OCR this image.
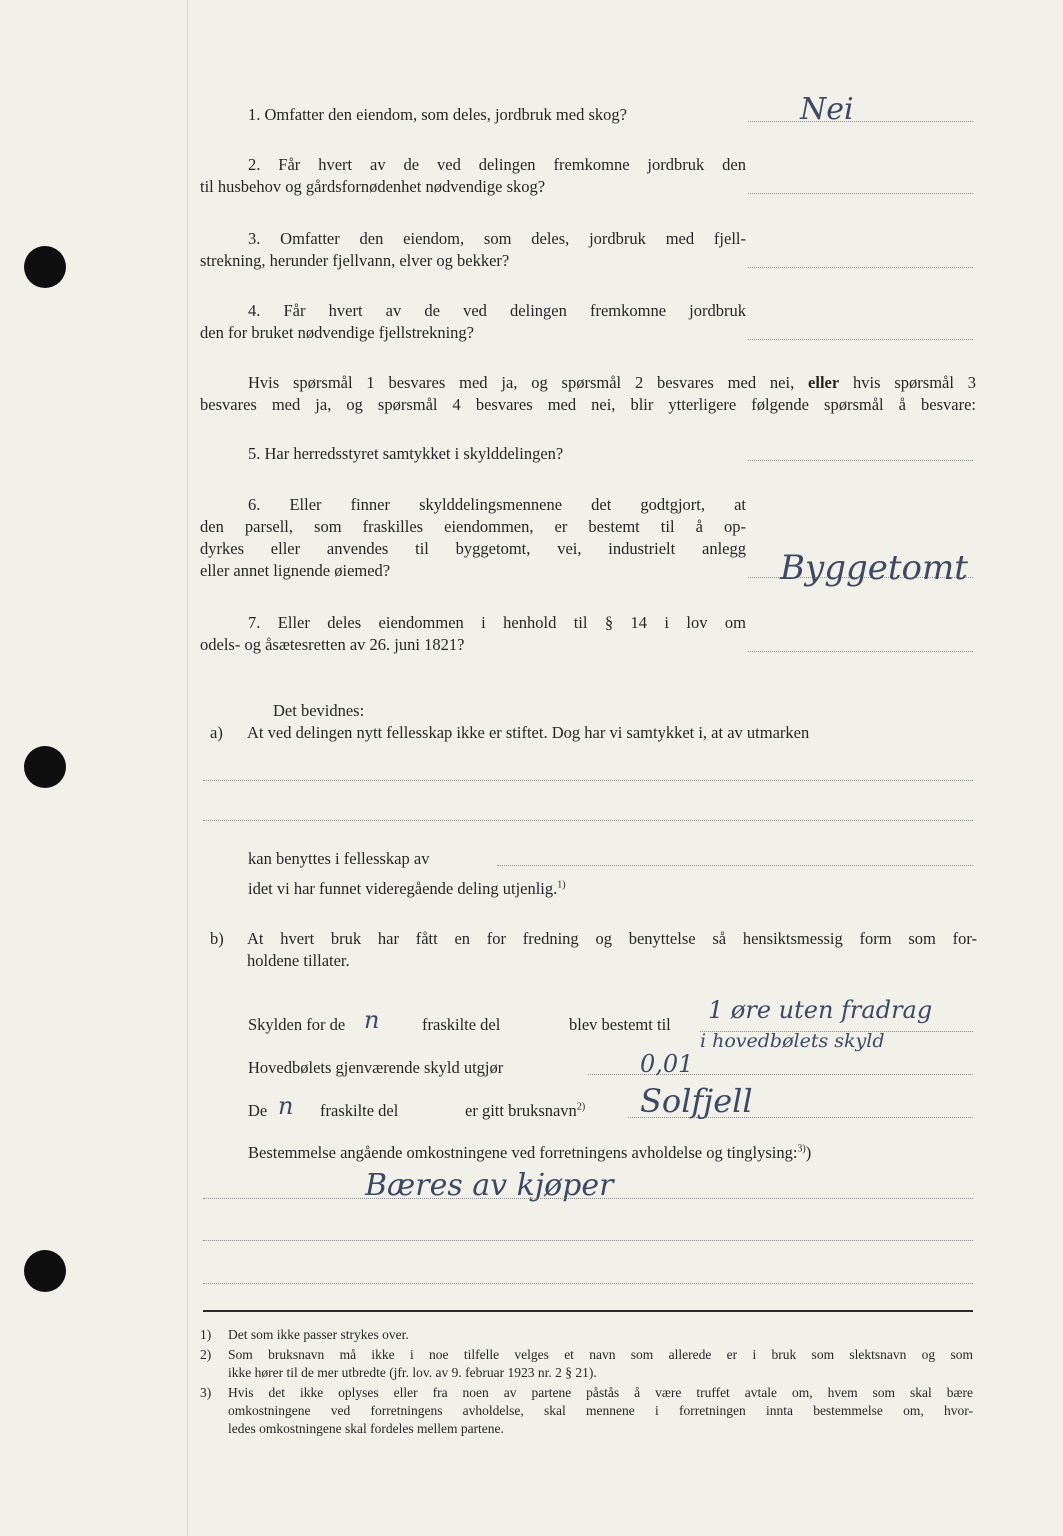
1. Omfatter den eiendom, som deles, jordbruk med skog?	Nei
2. Får hvert av de ved delingen fremkomne jordbruk den
til husbehov og gårdsfornødenhet nødvendige skog?
3. Omfatter den eiendom, som deles, jordbruk med fjell-
strekning, herunder fjellvann, elver og bekker?
4. Får hvert av de ved delingen fremkomne jordbruk
den for bruket nødvendige fjellstrekning?
Hvis spørsmål 1 besvares med ja, og spørsmål 2 besvares med nei, eller hvis spørsmål 3
besvares med ja, og spørsmål 4 besvares med nei, blir ytterligere følgende spørsmål å besvare:
5. Har herredsstyret samtykket i skylddelingen?
6. Eller finner skylddelingsmennene det godtgjort, at
den parsell, som fraskilles eiendommen, er bestemt til å op-
dyrkes eller anvendes til byggetomt, vei, industrielt anlegg
eller annet lignende øiemed?	Byggetomt
7. Eller deles eiendommen i henhold til § 14 i lov om
odels- og åsætesretten av 26. juni 1821?
Det bevidnes:
a) At ved delingen nytt fellesskap ikke er stiftet. Dog har vi samtykket i, at av utmarken
kan benyttes i fellesskap av
idet vi har funnet videregående deling utjenlig.$^{1)}$
b) At hvert bruk har fått en for fredning og benyttelse så hensiktsmessig form som for-
holdene tillater.
Skylden for de n	fraskilte del	blev bestemt til
1 øre uten fradrag
i hovedbølets skyld
Hovedbølets gjenværende skyld utgjør	0,01
De n fraskilte del	er gitt bruksnavn$^{2)}$ Solfjell
Bestemmelse angående omkostningene ved forretningens avholdelse og tinglysing:$^{3)}$)
Bæres av kjøper
1) Det som ikke passer strykes over.
2) Som bruksnavn må ikke i noe tilfelle velges et navn som allerede er i bruk som slektsnavn og som
ikke hører til de mer utbredte (jfr. lov. av 9. februar 1923 nr. 2 § 21).
3) Hvis det ikke oplyses eller fra noen av partene påstås å være truffet avtale om, hvem som skal bære
omkostningene ved forretningens avholdelse, skal mennene i forretningen innta bestemmelse om, hvor-
ledes omkostningene skal fordeles mellem partene.
